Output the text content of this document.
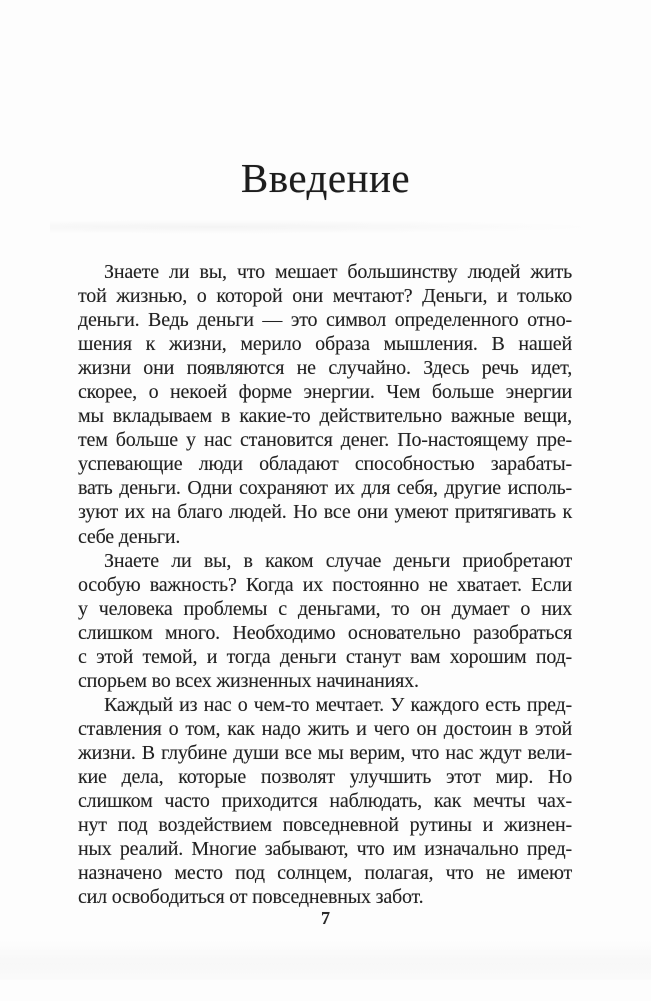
Введение
Знаете ли вы, что мешает большинству людей жить
той жизнью, о которой они мечтают? Деньги, и только
деньги. Ведь деньги — это символ определенного отно-
шения к жизни, мерило образа мышления. В нашей
жизни они появляются не случайно. Здесь речь идет,
скорее, о некоей форме энергии. Чем больше энергии
мы вкладываем в какие-то действительно важные вещи,
тем больше у нас становится денег. По-настоящему пре-
успевающие люди обладают способностью зарабаты-
вать деньги. Одни сохраняют их для себя, другие исполь-
зуют их на благо людей. Но все они умеют притягивать к
себе деньги.
Знаете ли вы, в каком случае деньги приобретают
особую важность? Когда их постоянно не хватает. Если
у человека проблемы с деньгами, то он думает о них
слишком много. Необходимо основательно разобраться
с этой темой, и тогда деньги станут вам хорошим под-
спорьем во всех жизненных начинаниях.
Каждый из нас о чем-то мечтает. У каждого есть пред-
ставления о том, как надо жить и чего он достоин в этой
жизни. В глубине души все мы верим, что нас ждут вели-
кие дела, которые позволят улучшить этот мир. Но
слишком часто приходится наблюдать, как мечты чах-
нут под воздействием повседневной рутины и жизнен-
ных реалий. Многие забывают, что им изначально пред-
назначено место под солнцем, полагая, что не имеют
сил освободиться от повседневных забот.
7
